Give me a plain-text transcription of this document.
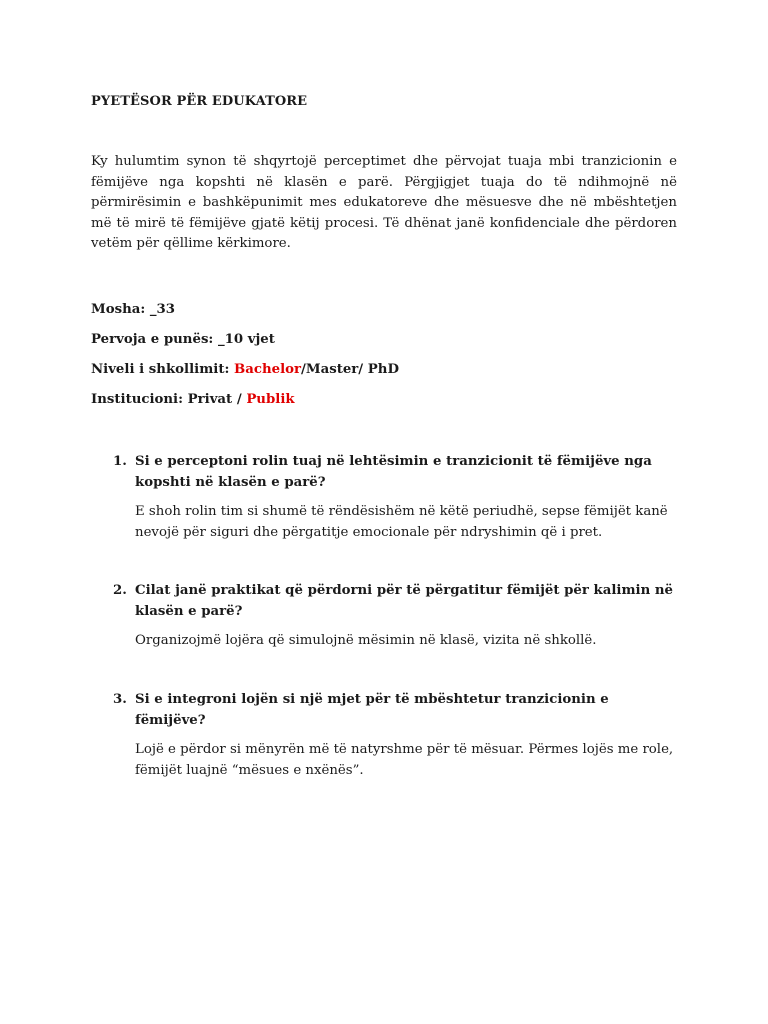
PYETËSOR PËR EDUKATORE
Ky hulumtim synon të shqyrtojë perceptimet dhe përvojat tuaja mbi tranzicionin e fëmijëve nga kopshti në klasën e parë. Përgjigjet tuaja do të ndihmojnë në përmirësimin e bashkëpunimit mes edukatoreve dhe mësuesve dhe në mbështetjen më të mirë të fëmijëve gjatë këtij procesi. Të dhënat janë konfidenciale dhe përdoren vetëm për qëllime kërkimore.
Mosha: _33
Pervoja e punës: _10 vjet
Niveli i shkollimit: Bachelor/Master/ PhD
Institucioni: Privat / Publik
1. Si e perceptoni rolin tuaj në lehtësimin e tranzicionit të fëmijëve nga kopshti në klasën e parë?
E shoh rolin tim si shumë të rëndësishëm në këtë periudhë, sepse fëmijët kanë nevojë për siguri dhe përgatitje emocionale për ndryshimin që i pret.
2. Cilat janë praktikat që përdorni për të përgatitur fëmijët për kalimin në klasën e parë?
Organizojmë lojëra që simulojnë mësimin në klasë, vizita në shkollë.
3. Si e integroni lojën si një mjet për të mbështetur tranzicionin e fëmijëve?
Lojë e përdor si mënyrën më të natyrshme për të mësuar. Përmes lojës me role, fëmijët luajnë “mësues e nxënës”.
